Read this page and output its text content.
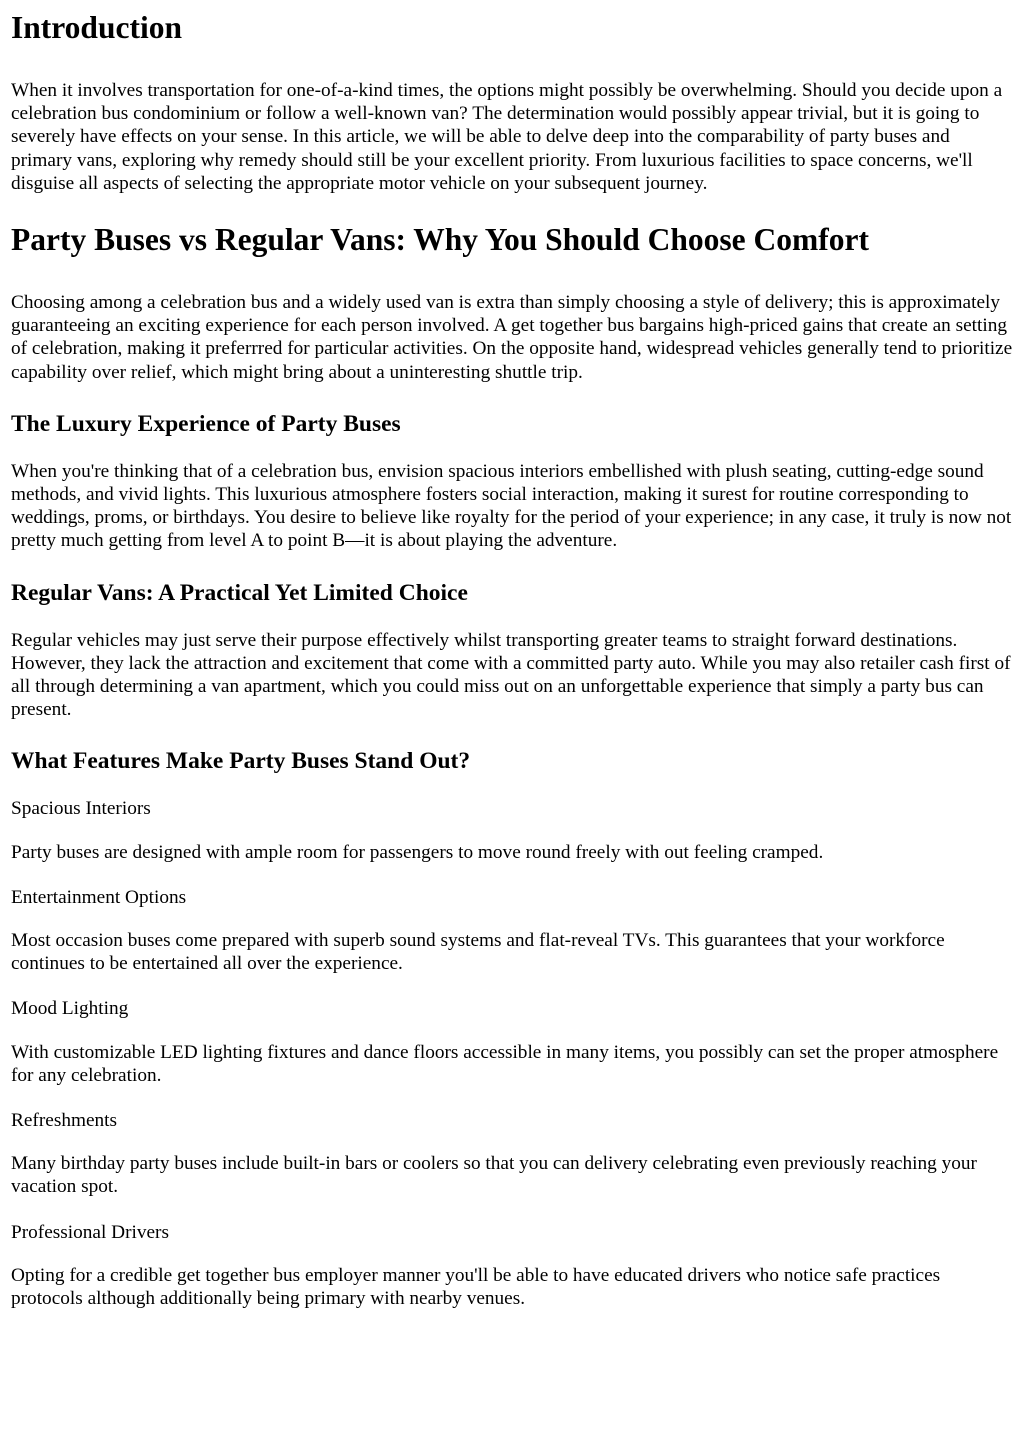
Introduction

When it involves transportation for one-of-a-kind times, the options might possibly be overwhelming. Should you decide upon a celebration bus condominium or follow a well-known van? The determination would possibly appear trivial, but it is going to severely have effects on your sense. In this article, we will be able to delve deep into the comparability of party buses and primary vans, exploring why remedy should still be your excellent priority. From luxurious facilities to space concerns, we'll disguise all aspects of selecting the appropriate motor vehicle on your subsequent journey.

Party Buses vs Regular Vans: Why You Should Choose Comfort

Choosing among a celebration bus and a widely used van is extra than simply choosing a style of delivery; this is approximately guaranteeing an exciting experience for each person involved. A get together bus bargains high-priced gains that create an setting of celebration, making it preferrred for particular activities. On the opposite hand, widespread vehicles generally tend to prioritize capability over relief, which might bring about a uninteresting shuttle trip.

The Luxury Experience of Party Buses

When you're thinking that of a celebration bus, envision spacious interiors embellished with plush seating, cutting-edge sound methods, and vivid lights. This luxurious atmosphere fosters social interaction, making it surest for routine corresponding to weddings, proms, or birthdays. You desire to believe like royalty for the period of your experience; in any case, it truly is now not pretty much getting from level A to point B—it is about playing the adventure.

Regular Vans: A Practical Yet Limited Choice

Regular vehicles may just serve their purpose effectively whilst transporting greater teams to straight forward destinations. However, they lack the attraction and excitement that come with a committed party auto. While you may also retailer cash first of all through determining a van apartment, which you could miss out on an unforgettable experience that simply a party bus can present.

What Features Make Party Buses Stand Out?

Spacious Interiors

Party buses are designed with ample room for passengers to move round freely with out feeling cramped.

Entertainment Options

Most occasion buses come prepared with superb sound systems and flat-reveal TVs. This guarantees that your workforce continues to be entertained all over the experience.

Mood Lighting

With customizable LED lighting fixtures and dance floors accessible in many items, you possibly can set the proper atmosphere for any celebration.

Refreshments

Many birthday party buses include built-in bars or coolers so that you can delivery celebrating even previously reaching your vacation spot.

Professional Drivers

Opting for a credible get together bus employer manner you'll be able to have educated drivers who notice safe practices protocols although additionally being primary with nearby venues.
